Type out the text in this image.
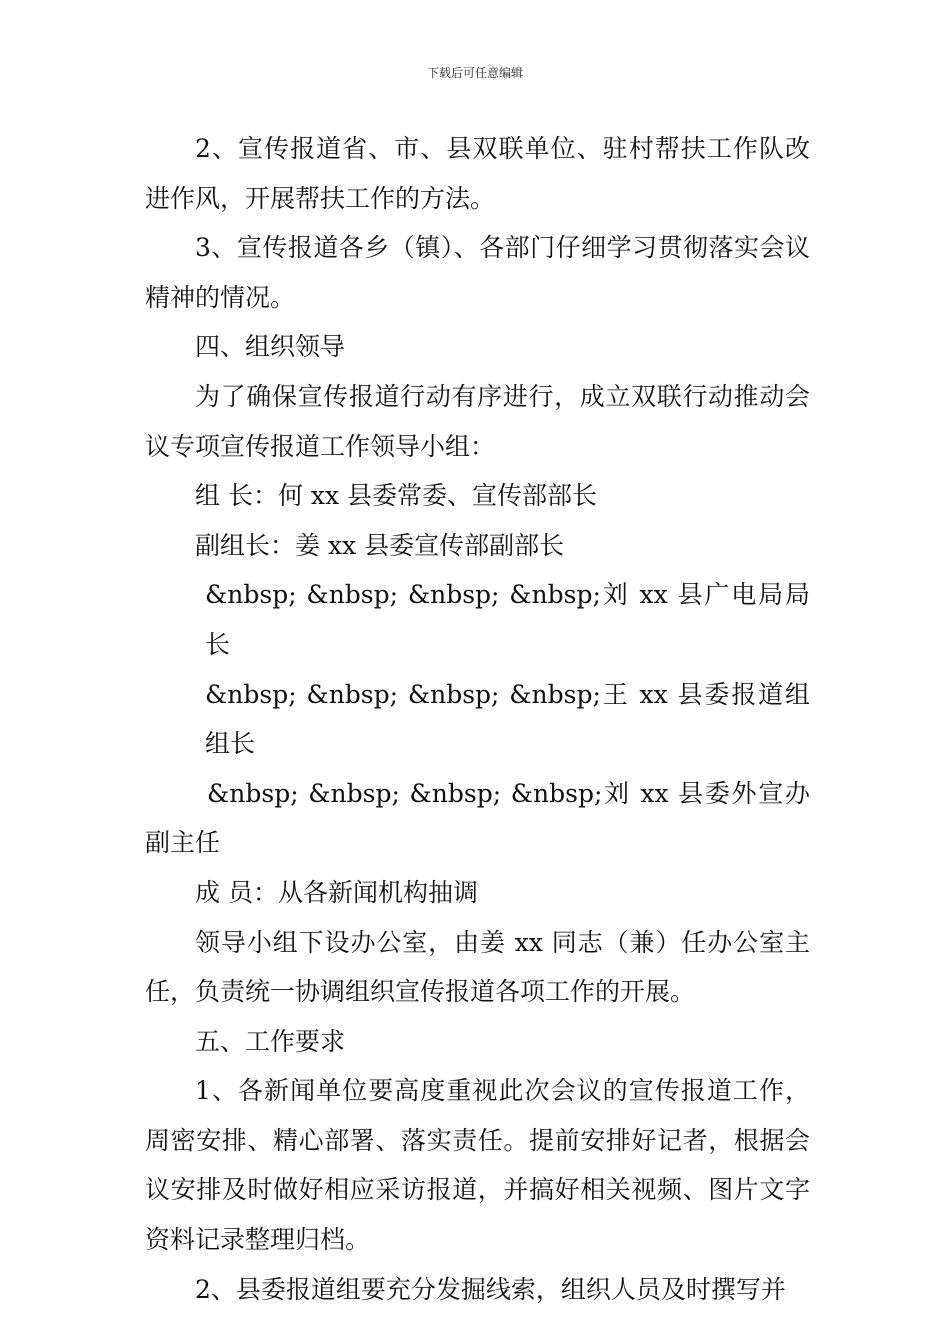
下载后可任意编辑

2、宣传报道省、市、县双联单位、驻村帮扶工作队改进作风，开展帮扶工作的方法。

3、宣传报道各乡（镇）、各部门仔细学习贯彻落实会议精神的情况。

四、组织领导

为了确保宣传报道行动有序进行，成立双联行动推动会议专项宣传报道工作领导小组：

组 长：何 xx 县委常委、宣传部部长

副组长：姜 xx 县委宣传部副部长

&nbsp; &nbsp; &nbsp; &nbsp;刘 xx 县广电局局长

&nbsp; &nbsp; &nbsp; &nbsp;王 xx 县委报道组组长

&nbsp; &nbsp; &nbsp; &nbsp;刘 xx 县委外宣办副主任

成 员：从各新闻机构抽调

领导小组下设办公室，由姜 xx 同志（兼）任办公室主任，负责统一协调组织宣传报道各项工作的开展。

五、工作要求

1、各新闻单位要高度重视此次会议的宣传报道工作，周密安排、精心部署、落实责任。提前安排好记者，根据会议安排及时做好相应采访报道，并搞好相关视频、图片文字资料记录整理归档。

2、县委报道组要充分发掘线索，组织人员及时撰写并
